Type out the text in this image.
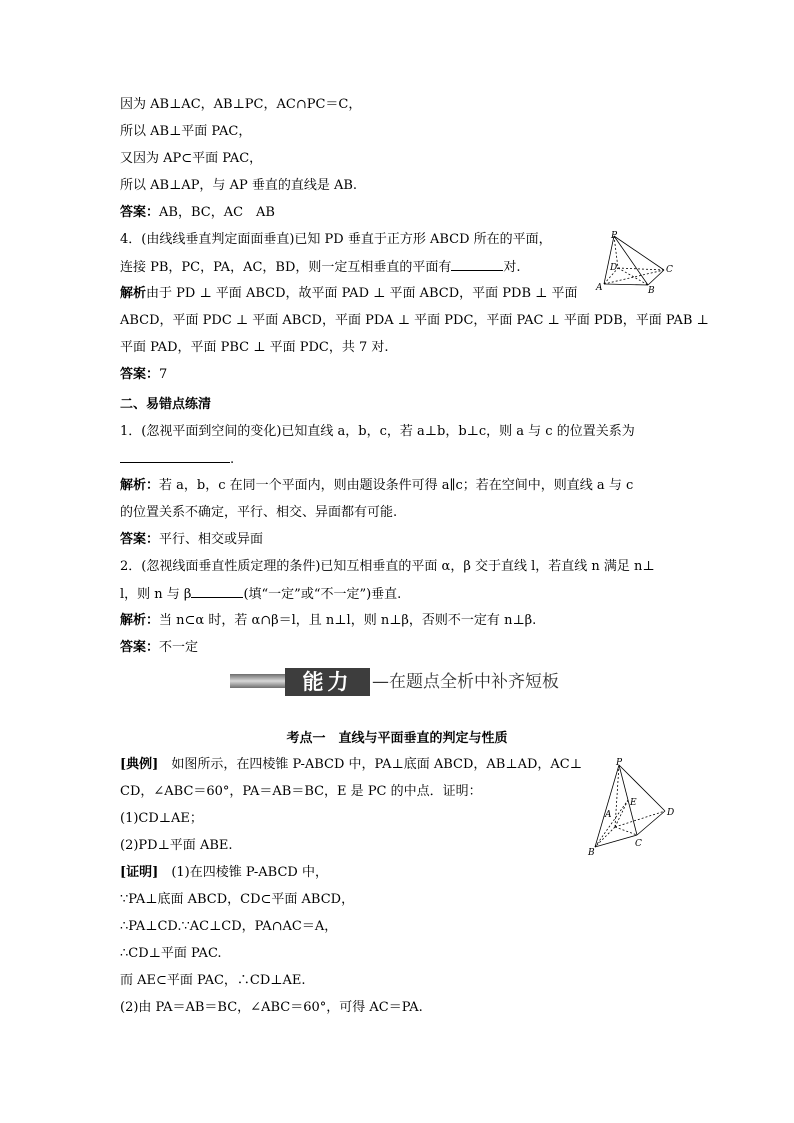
因为 AB⊥AC，AB⊥PC，AC∩PC＝C，
所以 AB⊥平面 PAC，
又因为 AP⊂平面 PAC，
所以 AB⊥AP，与 AP 垂直的直线是 AB.
答案：AB，BC，AC　AB
4．(由线线垂直判定面面垂直)已知 PD 垂直于正方形 ABCD 所在的平面，
连接 PB，PC，PA，AC，BD，则一定互相垂直的平面有	对.
解析由于 PD ⊥ 平面 ABCD，故平面 PAD ⊥ 平面 ABCD，平面 PDB ⊥ 平面
ABCD，平面 PDC ⊥ 平面 ABCD，平面 PDA ⊥ 平面 PDC，平面 PAC ⊥ 平面 PDB，平面 PAB ⊥
平面 PAD，平面 PBC ⊥ 平面 PDC，共 7 对.
答案：7
二、易错点练清
1．(忽视平面到空间的变化)已知直线 a，b，c，若 a⊥b，b⊥c，则 a 与 c 的位置关系为
.
解析：若 a，b，c 在同一个平面内，则由题设条件可得 a∥c；若在空间中，则直线 a 与 c
的位置关系不确定，平行、相交、异面都有可能.
答案：平行、相交或异面
2．(忽视线面垂直性质定理的条件)已知互相垂直的平面 α，β 交于直线 l，若直线 n 满足 n⊥
l，则 n 与 β	(填“一定”或“不一定”)垂直.
解析：当 n⊂α 时，若 α∩β＝l，且 n⊥l，则 n⊥β，否则不一定有 n⊥β.
答案：不一定
能力	—在题点全析中补齐短板
考点一　直线与平面垂直的判定与性质
[典例]　如图所示，在四棱锥 P-ABCD 中，PA⊥底面 ABCD，AB⊥AD，AC⊥
CD，∠ABC＝60°，PA＝AB＝BC，E 是 PC 的中点．证明：
(1)CD⊥AE；
(2)PD⊥平面 ABE.
[证明]　(1)在四棱锥 P-ABCD 中，
∵PA⊥底面 ABCD，CD⊂平面 ABCD，
∴PA⊥CD.∵AC⊥CD，PA∩AC＝A，
∴CD⊥平面 PAC.
而 AE⊂平面 PAC，∴CD⊥AE.
(2)由 PA＝AB＝BC，∠ABC＝60°，可得 AC＝PA.
P
D	C
A	B
P
A
E
D
C
B
